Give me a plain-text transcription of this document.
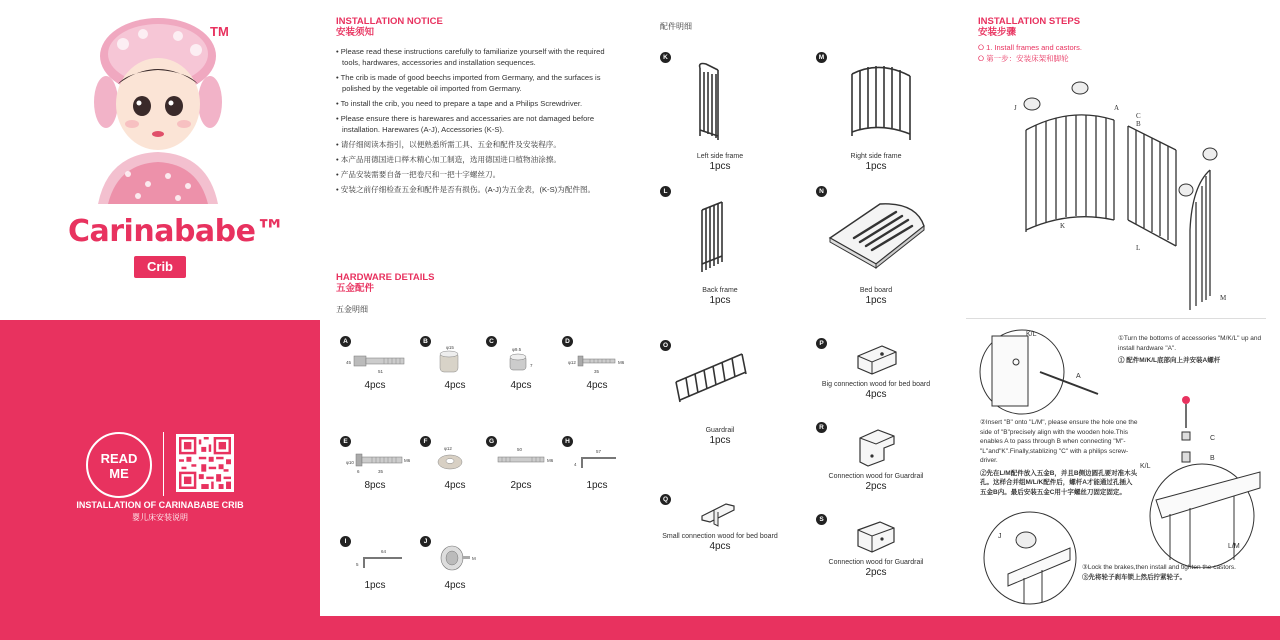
TM
Carinababe™
Crib
READ
ME
INSTALLATION OF CARINABABE CRIB
婴儿床安装说明
INSTALLATION NOTICE
安装须知

• Please read these instructions carefully to familiarize yourself with the required tools, hardwares, accessories and installation sequences.

• The crib is made of good beechs imported from Germany, and the surfaces is polished by the vegetable oil imported from Germany.

• To install the crib, you need to prepare a tape and a Philips Screwdriver.

• Please ensure there is harewares and accessaries are not damaged before installation. Harewares (A-J), Accessories (K-S).

• 请仔细阅读本指引，以便熟悉所需工具、五金和配件及安装程序。

• 本产品用德国进口榉木精心加工制造，选用德国进口植物油涂擦。

• 产品安装需要自备一把卷尺和一把十字螺丝刀。

• 安装之前仔细检查五金和配件是否有损伤。(A-J)为五金表，(K-S)为配件图。

HARDWARE DETAILS
五金配件
五金明细
A
45
51
4pcs
B
φ15
4pcs
C
φ9.5
7
4pcs
D
φ12
35
M6
4pcs
E
φ10
6	35
M6
8pcs
F
φ12
4pcs
G
50
M6
2pcs
H
57
4
1pcs
I
64
5
1pcs
J
M
4pcs
配件明细
K
Left side frame
1pcs
M
Right side frame
1pcs
L
Back frame
1pcs
N
Bed board
1pcs
O
Guardrail
1pcs
P
Big connection wood for bed board
4pcs
R
Connection wood for Guardrail
2pcs
Q
Small connection wood for bed board
4pcs
S
Connection wood for Guardrail
2pcs
INSTALLATION STEPS
安装步骤
⭘ 1. Install frames and castors.
⭘ 第一步：安装床架和脚轮
J	A
C
B
K
L
M
K/L
A
①Turn the bottoms of accessories "M/K/L" up and install hardware "A".
① 配件M/K/L底部向上并安装A螺杆
②Insert "B" onto "L/M", please ensure the hole one the side of "B"precisely align with the wooden hole.This enables A to pass through B when connecting "M"-"L"and"K".Finally,stablizing "C" with a philips screw-driver.
②先在L/M配件放入五金B，并且B侧边圆孔要对准木头孔。这样合并组M/L/K配件后，螺杆A才能通过孔插入五金B内。最后安装五金C用十字螺丝刀固定固定。
C
B
K/L
L/M
J
③Lock the brakes,then install and tighten the castors.
③先将轮子刹车锁上然后拧紧轮子。
